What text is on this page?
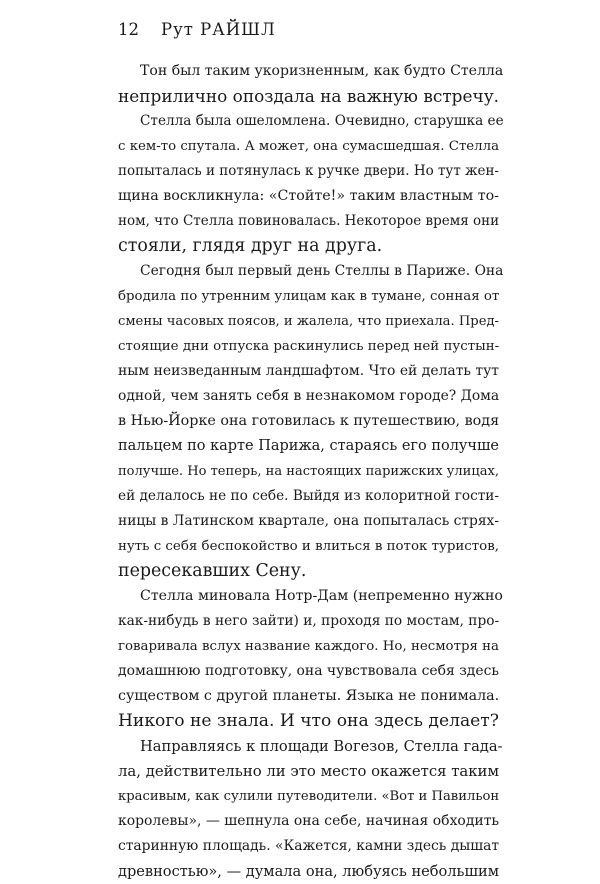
12 Рут РАЙШЛ
Тон был таким укоризненным, как будто Стелла
неприлично опоздала на важную встречу.
Стелла была ошеломлена. Очевидно, старушка ее
с кем-то спутала. А может, она сумасшедшая. Стелла
попыталась и потянулась к ручке двери. Но тут жен-
щина воскликнула: «Стойте!» таким властным то-
ном, что Стелла повиновалась. Некоторое время они
стояли, глядя друг на друга.
Сегодня был первый день Стеллы в Париже. Она
бродила по утренним улицам как в тумане, сонная от
смены часовых поясов, и жалела, что приехала. Пред-
стоящие дни отпуска раскинулись перед ней пустын-
ным неизведанным ландшафтом. Что ей делать тут
одной, чем занять себя в незнакомом городе? Дома
в Нью-Йорке она готовилась к путешествию, водя
пальцем по карте Парижа, стараясь его получше
получше. Но теперь, на настоящих парижских улицах,
ей делалось не по себе. Выйдя из колоритной гости-
ницы в Латинском квартале, она попыталась стрях-
нуть с себя беспокойство и влиться в поток туристов,
пересекавших Сену.
Стелла миновала Нотр-Дам (непременно нужно
как-нибудь в него зайти) и, проходя по мостам, про-
говаривала вслух название каждого. Но, несмотря на
домашнюю подготовку, она чувствовала себя здесь
существом с другой планеты. Языка не понимала.
Никого не знала. И что она здесь делает?
Направляясь к площади Вогезов, Стелла гада-
ла, действительно ли это место окажется таким
красивым, как сулили путеводители. «Вот и Павильон
королевы», — шепнула она себе, начиная обходить
старинную площадь. «Кажется, камни здесь дышат
древностью», — думала она, любуясь небольшим
